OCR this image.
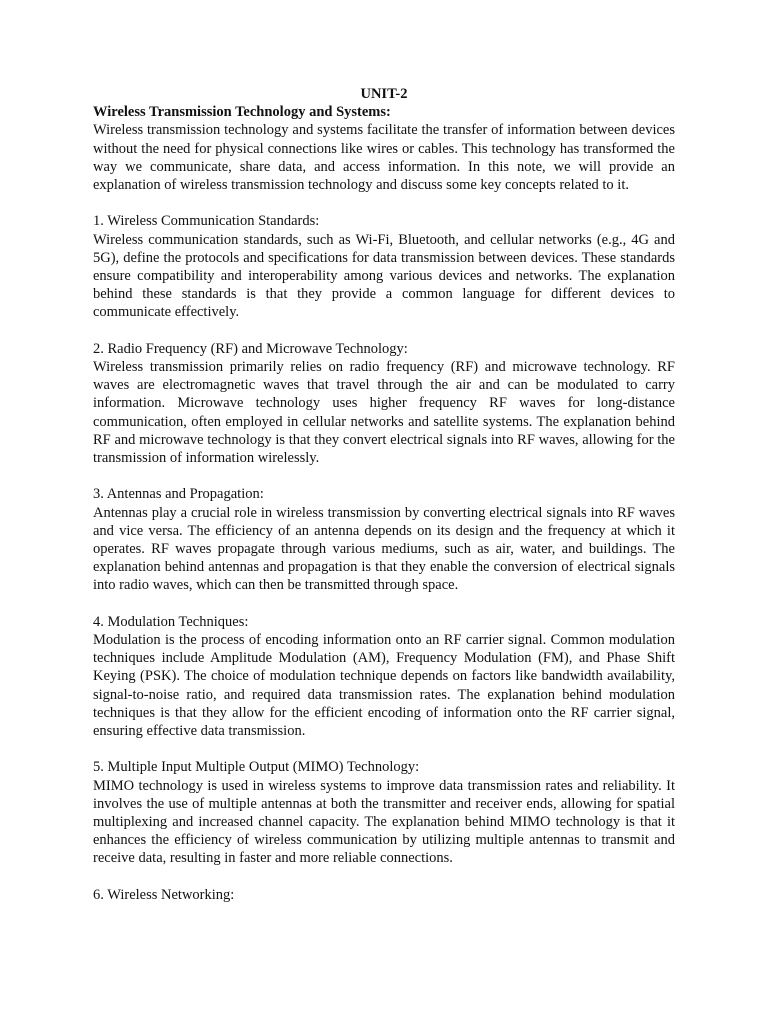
UNIT-2

Wireless Transmission Technology and Systems:

Wireless transmission technology and systems facilitate the transfer of information between devices without the need for physical connections like wires or cables. This technology has transformed the way we communicate, share data, and access information. In this note, we will provide an explanation of wireless transmission technology and discuss some key concepts related to it.

1. Wireless Communication Standards:

Wireless communication standards, such as Wi-Fi, Bluetooth, and cellular networks (e.g., 4G and 5G), define the protocols and specifications for data transmission between devices. These standards ensure compatibility and interoperability among various devices and networks. The explanation behind these standards is that they provide a common language for different devices to communicate effectively.

2. Radio Frequency (RF) and Microwave Technology:

Wireless transmission primarily relies on radio frequency (RF) and microwave technology. RF waves are electromagnetic waves that travel through the air and can be modulated to carry information. Microwave technology uses higher frequency RF waves for long-distance communication, often employed in cellular networks and satellite systems. The explanation behind RF and microwave technology is that they convert electrical signals into RF waves, allowing for the transmission of information wirelessly.

3. Antennas and Propagation:

Antennas play a crucial role in wireless transmission by converting electrical signals into RF waves and vice versa. The efficiency of an antenna depends on its design and the frequency at which it operates. RF waves propagate through various mediums, such as air, water, and buildings. The explanation behind antennas and propagation is that they enable the conversion of electrical signals into radio waves, which can then be transmitted through space.

4. Modulation Techniques:

Modulation is the process of encoding information onto an RF carrier signal. Common modulation techniques include Amplitude Modulation (AM), Frequency Modulation (FM), and Phase Shift Keying (PSK). The choice of modulation technique depends on factors like bandwidth availability, signal-to-noise ratio, and required data transmission rates. The explanation behind modulation techniques is that they allow for the efficient encoding of information onto the RF carrier signal, ensuring effective data transmission.

5. Multiple Input Multiple Output (MIMO) Technology:

MIMO technology is used in wireless systems to improve data transmission rates and reliability. It involves the use of multiple antennas at both the transmitter and receiver ends, allowing for spatial multiplexing and increased channel capacity. The explanation behind MIMO technology is that it enhances the efficiency of wireless communication by utilizing multiple antennas to transmit and receive data, resulting in faster and more reliable connections.

6. Wireless Networking:
